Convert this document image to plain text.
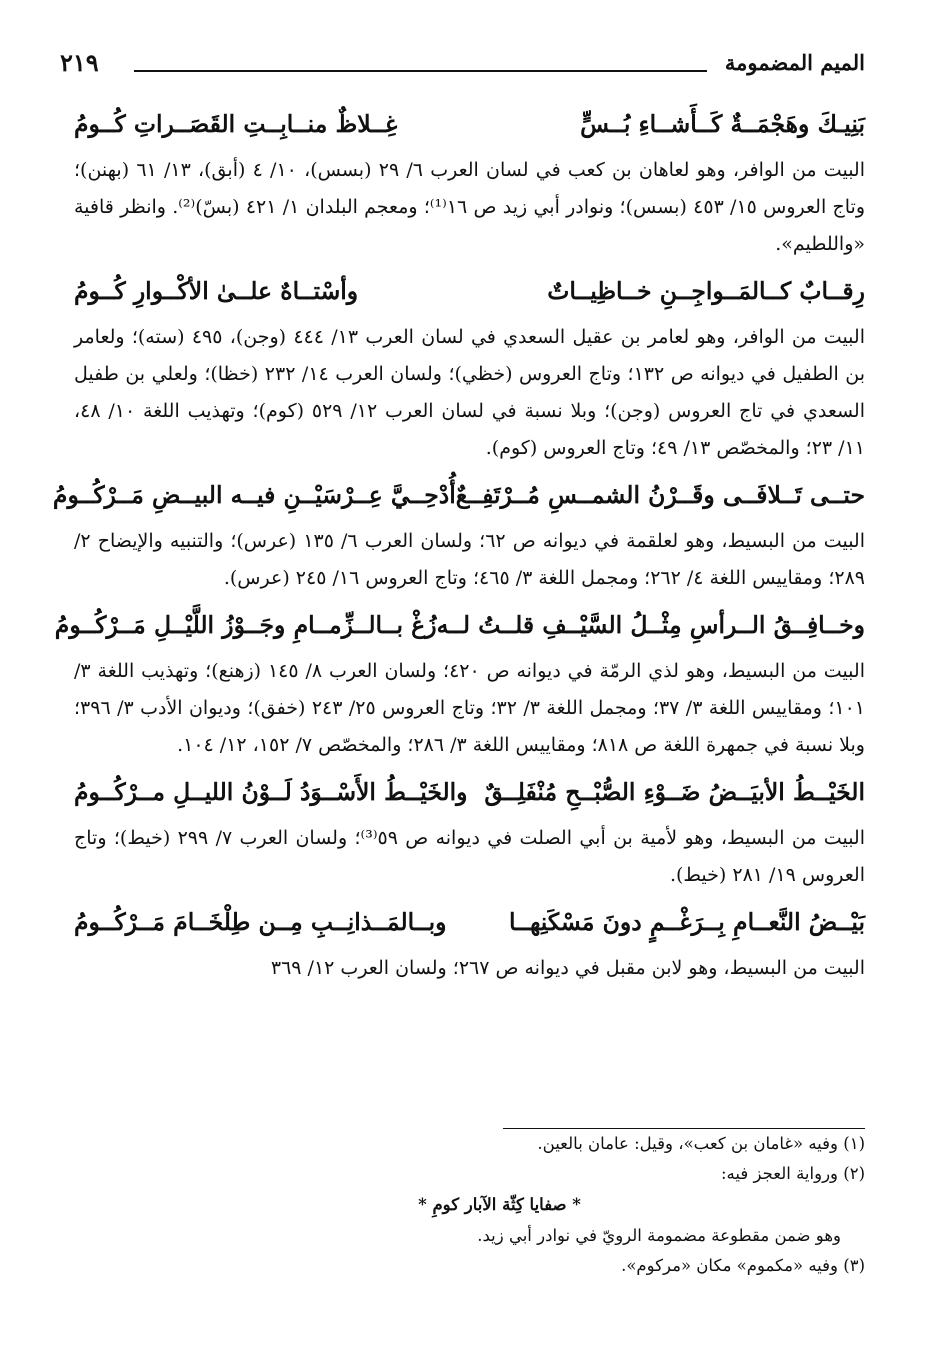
الميم المضمومة
٢١٩
بَنِيـكَ وهَجْمَــةٌ كَــأَشــاءِ بُــسٍّ
غِــلاظٌ منــابِــتِ القَصَــراتِ كُــومُ

البيت من الوافر، وهو لعاهان بن كعب في لسان العرب ٦/ ٢٩ (بسس)، ١٠/ ٤ (أبق)، ١٣/ ٦١ (بهنن)؛ وتاج العروس ١٥/ ٤٥٣ (بسس)؛ ونوادر أبي زيد ص ١٦⁽¹⁾؛ ومعجم البلدان ١/ ٤٢١ (بسّ)⁽²⁾. وانظر قافية «واللطيم».

رِقــابٌ كــالمَــواجِــنِ خــاظِيــاتٌ
وأسْتــاهٌ علــىٰ الأكْــوارِ كُــومُ

البيت من الوافر، وهو لعامر بن عقيل السعدي في لسان العرب ١٣/ ٤٤٤ (وجن)، ٤٩٥ (سته)؛ ولعامر بن الطفيل في ديوانه ص ١٣٢؛ وتاج العروس (خظي)؛ ولسان العرب ١٤/ ٢٣٢ (خظا)؛ ولعلي بن طفيل السعدي في تاج العروس (وجن)؛ وبلا نسبة في لسان العرب ١٢/ ٥٢٩ (كوم)؛ وتهذيب اللغة ١٠/ ٤٨، ١١/ ٢٣؛ والمخصّص ١٣/ ٤٩؛ وتاج العروس (كوم).

حتــى تَــلافَــى وقَــرْنُ الشمــسِ مُــرْتَفِــعٌ
أُدْحِــيَّ عِــرْسَيْــنِ فيــه البيــضِ مَــرْكُــومُ

البيت من البسيط، وهو لعلقمة في ديوانه ص ٦٢؛ ولسان العرب ٦/ ١٣٥ (عرس)؛ والتنبيه والإيضاح ٢/ ٢٨٩؛ ومقاييس اللغة ٤/ ٢٦٢؛ ومجمل اللغة ٣/ ٤٦٥؛ وتاج العروس ١٦/ ٢٤٥ (عرس).

وخــافِــقُ الــرأسِ مِثْــلُ السَّيْــفِ قلــتُ لــه
زُغْ بــالــزِّمــامِ وجَــوْزُ اللَّيْــلِ مَــرْكُــومُ

البيت من البسيط، وهو لذي الرمّة في ديوانه ص ٤٢٠؛ ولسان العرب ٨/ ١٤٥ (زهنع)؛ وتهذيب اللغة ٣/ ١٠١؛ ومقاييس اللغة ٣/ ٣٧؛ ومجمل اللغة ٣/ ٣٢؛ وتاج العروس ٢٥/ ٢٤٣ (خفق)؛ وديوان الأدب ٣/ ٣٩٦؛ وبلا نسبة في جمهرة اللغة ص ٨١٨؛ ومقاييس اللغة ٣/ ٢٨٦؛ والمخصّص ٧/ ١٥٢، ١٢/ ١٠٤.

الخَيْــطُ الأبيَــضُ ضَــوْءِ الصُّبْــحِ مُنْفَلِــقٌ
والخَيْــطُ الأَسْــوَدُ لَــوْنُ الليــلِ مــرْكُــومُ

البيت من البسيط، وهو لأمية بن أبي الصلت في ديوانه ص ٥٩⁽³⁾؛ ولسان العرب ٧/ ٢٩٩ (خيط)؛ وتاج العروس ١٩/ ٢٨١ (خيط).

بَيْــضُ النَّعــامِ بِــرَغْــمٍ دونَ مَسْكَنِهــا
وبــالمَــذانِــبِ مِــن طِلْخَــامَ مَــرْكُــومُ

البيت من البسيط، وهو لابن مقبل في ديوانه ص ٢٦٧؛ ولسان العرب ١٢/ ٣٦٩

(١) وفيه «غامان بن كعب»، وقيل: عامان بالعين.
(٢) ورواية العجز فيه:
* صفايا كِثّة الآبار كومِ *
وهو ضمن مقطوعة مضمومة الرويّ في نوادر أبي زيد.
(٣) وفيه «مكموم» مكان «مركوم».
